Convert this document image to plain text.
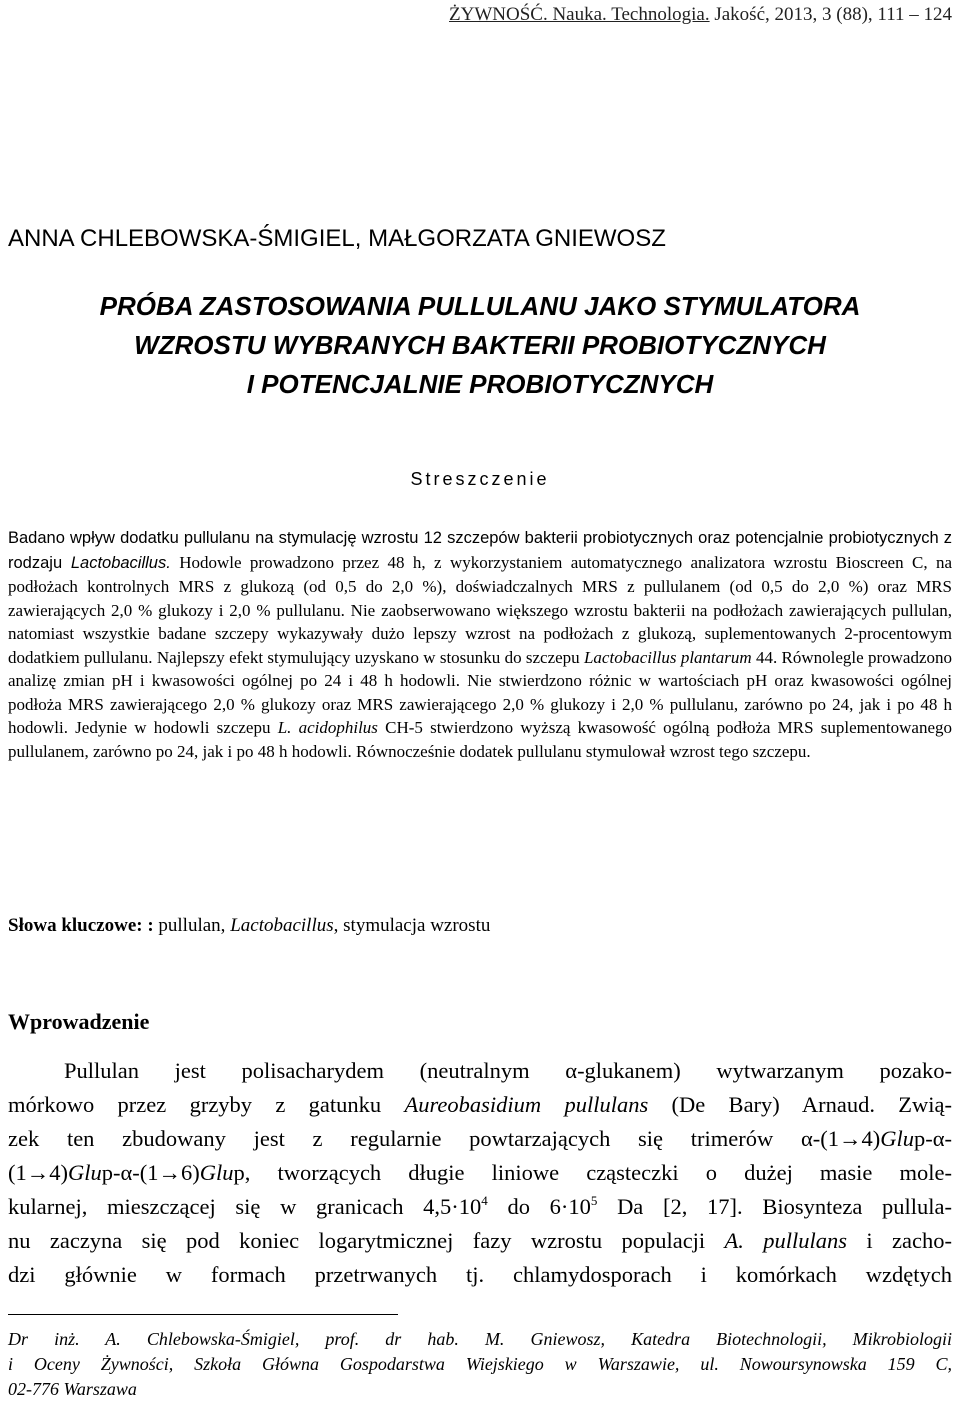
ŻYWNOŚĆ. Nauka. Technologia. Jakość, 2013, 3 (88), 111 – 124
ANNA CHLEBOWSKA-ŚMIGIEL, MAŁGORZATA GNIEWOSZ
PRÓBA ZASTOSOWANIA PULLULANU JAKO STYMULATORA
WZROSTU WYBRANYCH BAKTERII PROBIOTYCZNYCH
I POTENCJALNIE PROBIOTYCZNYCH
Streszczenie
Badano wpływ dodatku pullulanu na stymulację wzrostu 12 szczepów bakterii probiotycznych oraz potencjalnie probiotycznych z rodzaju Lactobacillus. Hodowle prowadzono przez 48 h, z wykorzystaniem automatycznego analizatora wzrostu Bioscreen C, na podłożach kontrolnych MRS z glukozą (od 0,5 do 2,0 %), doświadczalnych MRS z pullulanem (od 0,5 do 2,0 %) oraz MRS zawierających 2,0 % glukozy i 2,0 % pullulanu. Nie zaobserwowano większego wzrostu bakterii na podłożach zawierających pullulan, natomiast wszystkie badane szczepy wykazywały dużo lepszy wzrost na podłożach z glukozą, suplementowanych 2-procentowym dodatkiem pullulanu. Najlepszy efekt stymulujący uzyskano w stosunku do szczepu Lactobacillus plantarum 44. Równolegle prowadzono analizę zmian pH i kwasowości ogólnej po 24 i 48 h hodowli. Nie stwierdzono różnic w wartościach pH oraz kwasowości ogólnej podłoża MRS zawierającego 2,0 % glukozy oraz MRS zawierającego 2,0 % glukozy i 2,0 % pullulanu, zarówno po 24, jak i po 48 h hodowli. Jedynie w hodowli szczepu L. acidophilus CH-5 stwierdzono wyższą kwasowość ogólną podłoża MRS suplementowanego pullulanem, zarówno po 24, jak i po 48 h hodowli. Równocześnie dodatek pullulanu stymulował wzrost tego szczepu.
Słowa kluczowe: : pullulan, Lactobacillus, stymulacja wzrostu
Wprowadzenie
Pullulan jest polisacharydem (neutralnym α-glukanem) wytwarzanym pozako-
mórkowo przez grzyby z gatunku Aureobasidium pullulans (De Bary) Arnaud. Zwią-
zek ten zbudowany jest z regularnie powtarzających się trimerów α-(1→4)Glup-α-
(1→4)Glup-α-(1→6)Glup, tworzących długie liniowe cząsteczki o dużej masie mole-
kularnej, mieszczącej się w granicach $4,5\cdot 10^4$ do $6\cdot 10^5$ Da [2, 17]. Biosynteza pullula-
nu zaczyna się pod koniec logarytmicznej fazy wzrostu populacji A. pullulans i zacho-
dzi głównie w formach przetrwanych tj. chlamydosporach i komórkach wzdętych
Dr inż. A. Chlebowska-Śmigiel, prof. dr hab. M. Gniewosz, Katedra Biotechnologii, Mikrobiologii
i Oceny Żywności, Szkoła Główna Gospodarstwa Wiejskiego w Warszawie, ul. Nowoursynowska 159 C,
02-776 Warszawa
